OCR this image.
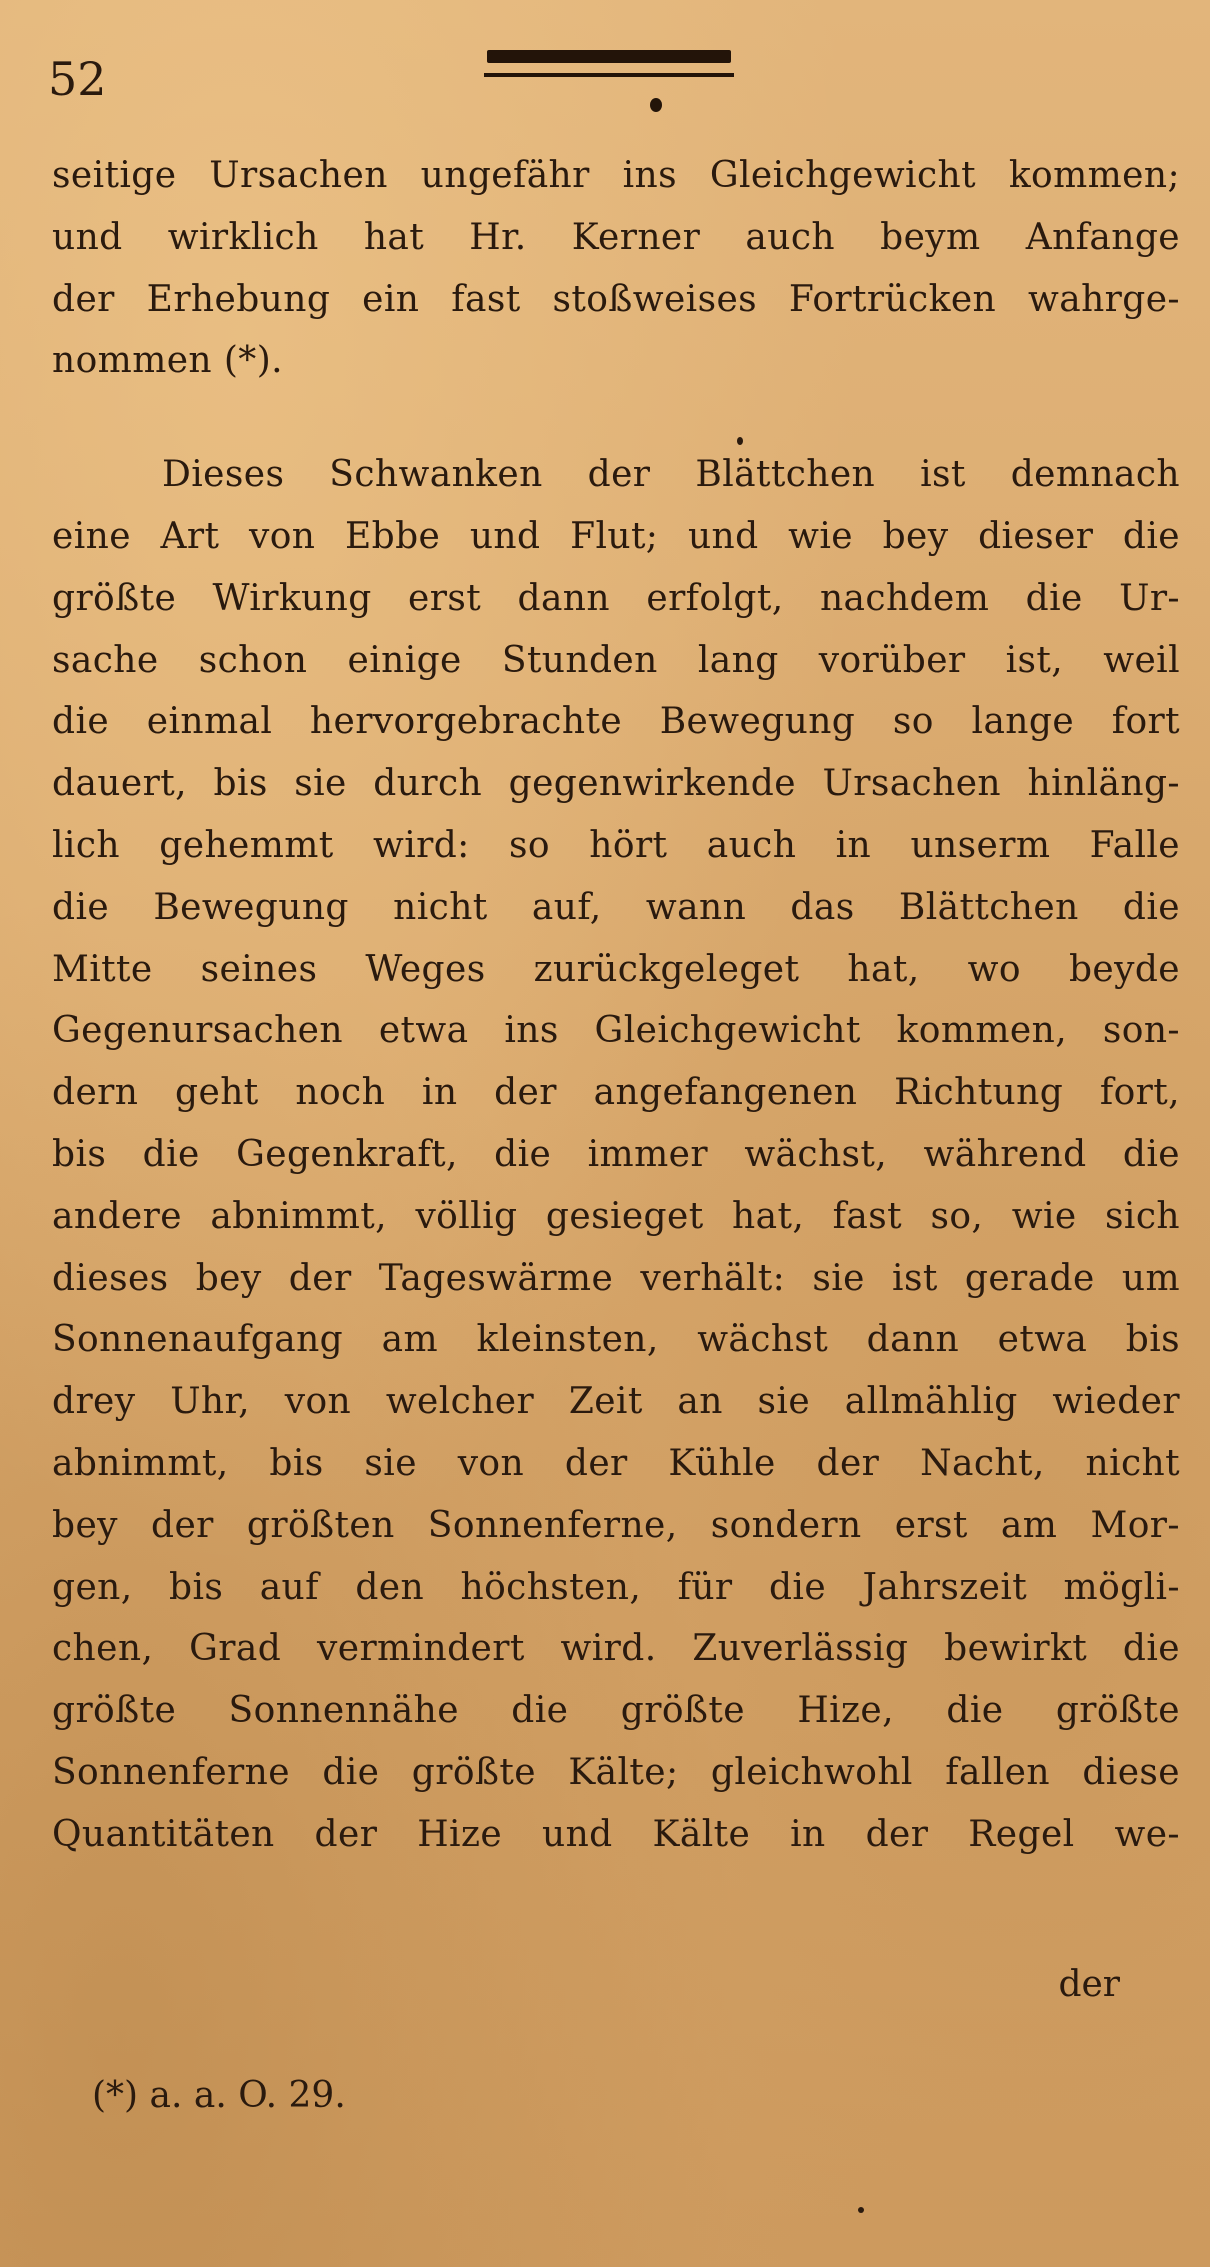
52
seitige Ursachen ungefähr ins Gleichgewicht kommen;
und wirklich hat Hr. Kerner auch beym Anfange
der Erhebung ein fast stoßweises Fortrücken wahrge-
nommen (*).
Dieses Schwanken der Blättchen ist demnach
eine Art von Ebbe und Flut; und wie bey dieser die
größte Wirkung erst dann erfolgt, nachdem die Ur-
sache schon einige Stunden lang vorüber ist, weil
die einmal hervorgebrachte Bewegung so lange fort
dauert, bis sie durch gegenwirkende Ursachen hinläng-
lich gehemmt wird: so hört auch in unserm Falle
die Bewegung nicht auf, wann das Blättchen die
Mitte seines Weges zurückgeleget hat, wo beyde
Gegenursachen etwa ins Gleichgewicht kommen, son-
dern geht noch in der angefangenen Richtung fort,
bis die Gegenkraft, die immer wächst, während die
andere abnimmt, völlig gesieget hat, fast so, wie sich
dieses bey der Tageswärme verhält: sie ist gerade um
Sonnenaufgang am kleinsten, wächst dann etwa bis
drey Uhr, von welcher Zeit an sie allmählig wieder
abnimmt, bis sie von der Kühle der Nacht, nicht
bey der größten Sonnenferne, sondern erst am Mor-
gen, bis auf den höchsten, für die Jahrszeit mögli-
chen, Grad vermindert wird. Zuverlässig bewirkt die
größte Sonnennähe die größte Hize, die größte
Sonnenferne die größte Kälte; gleichwohl fallen diese
Quantitäten der Hize und Kälte in der Regel we-
der
(*) a. a. O. 29.
